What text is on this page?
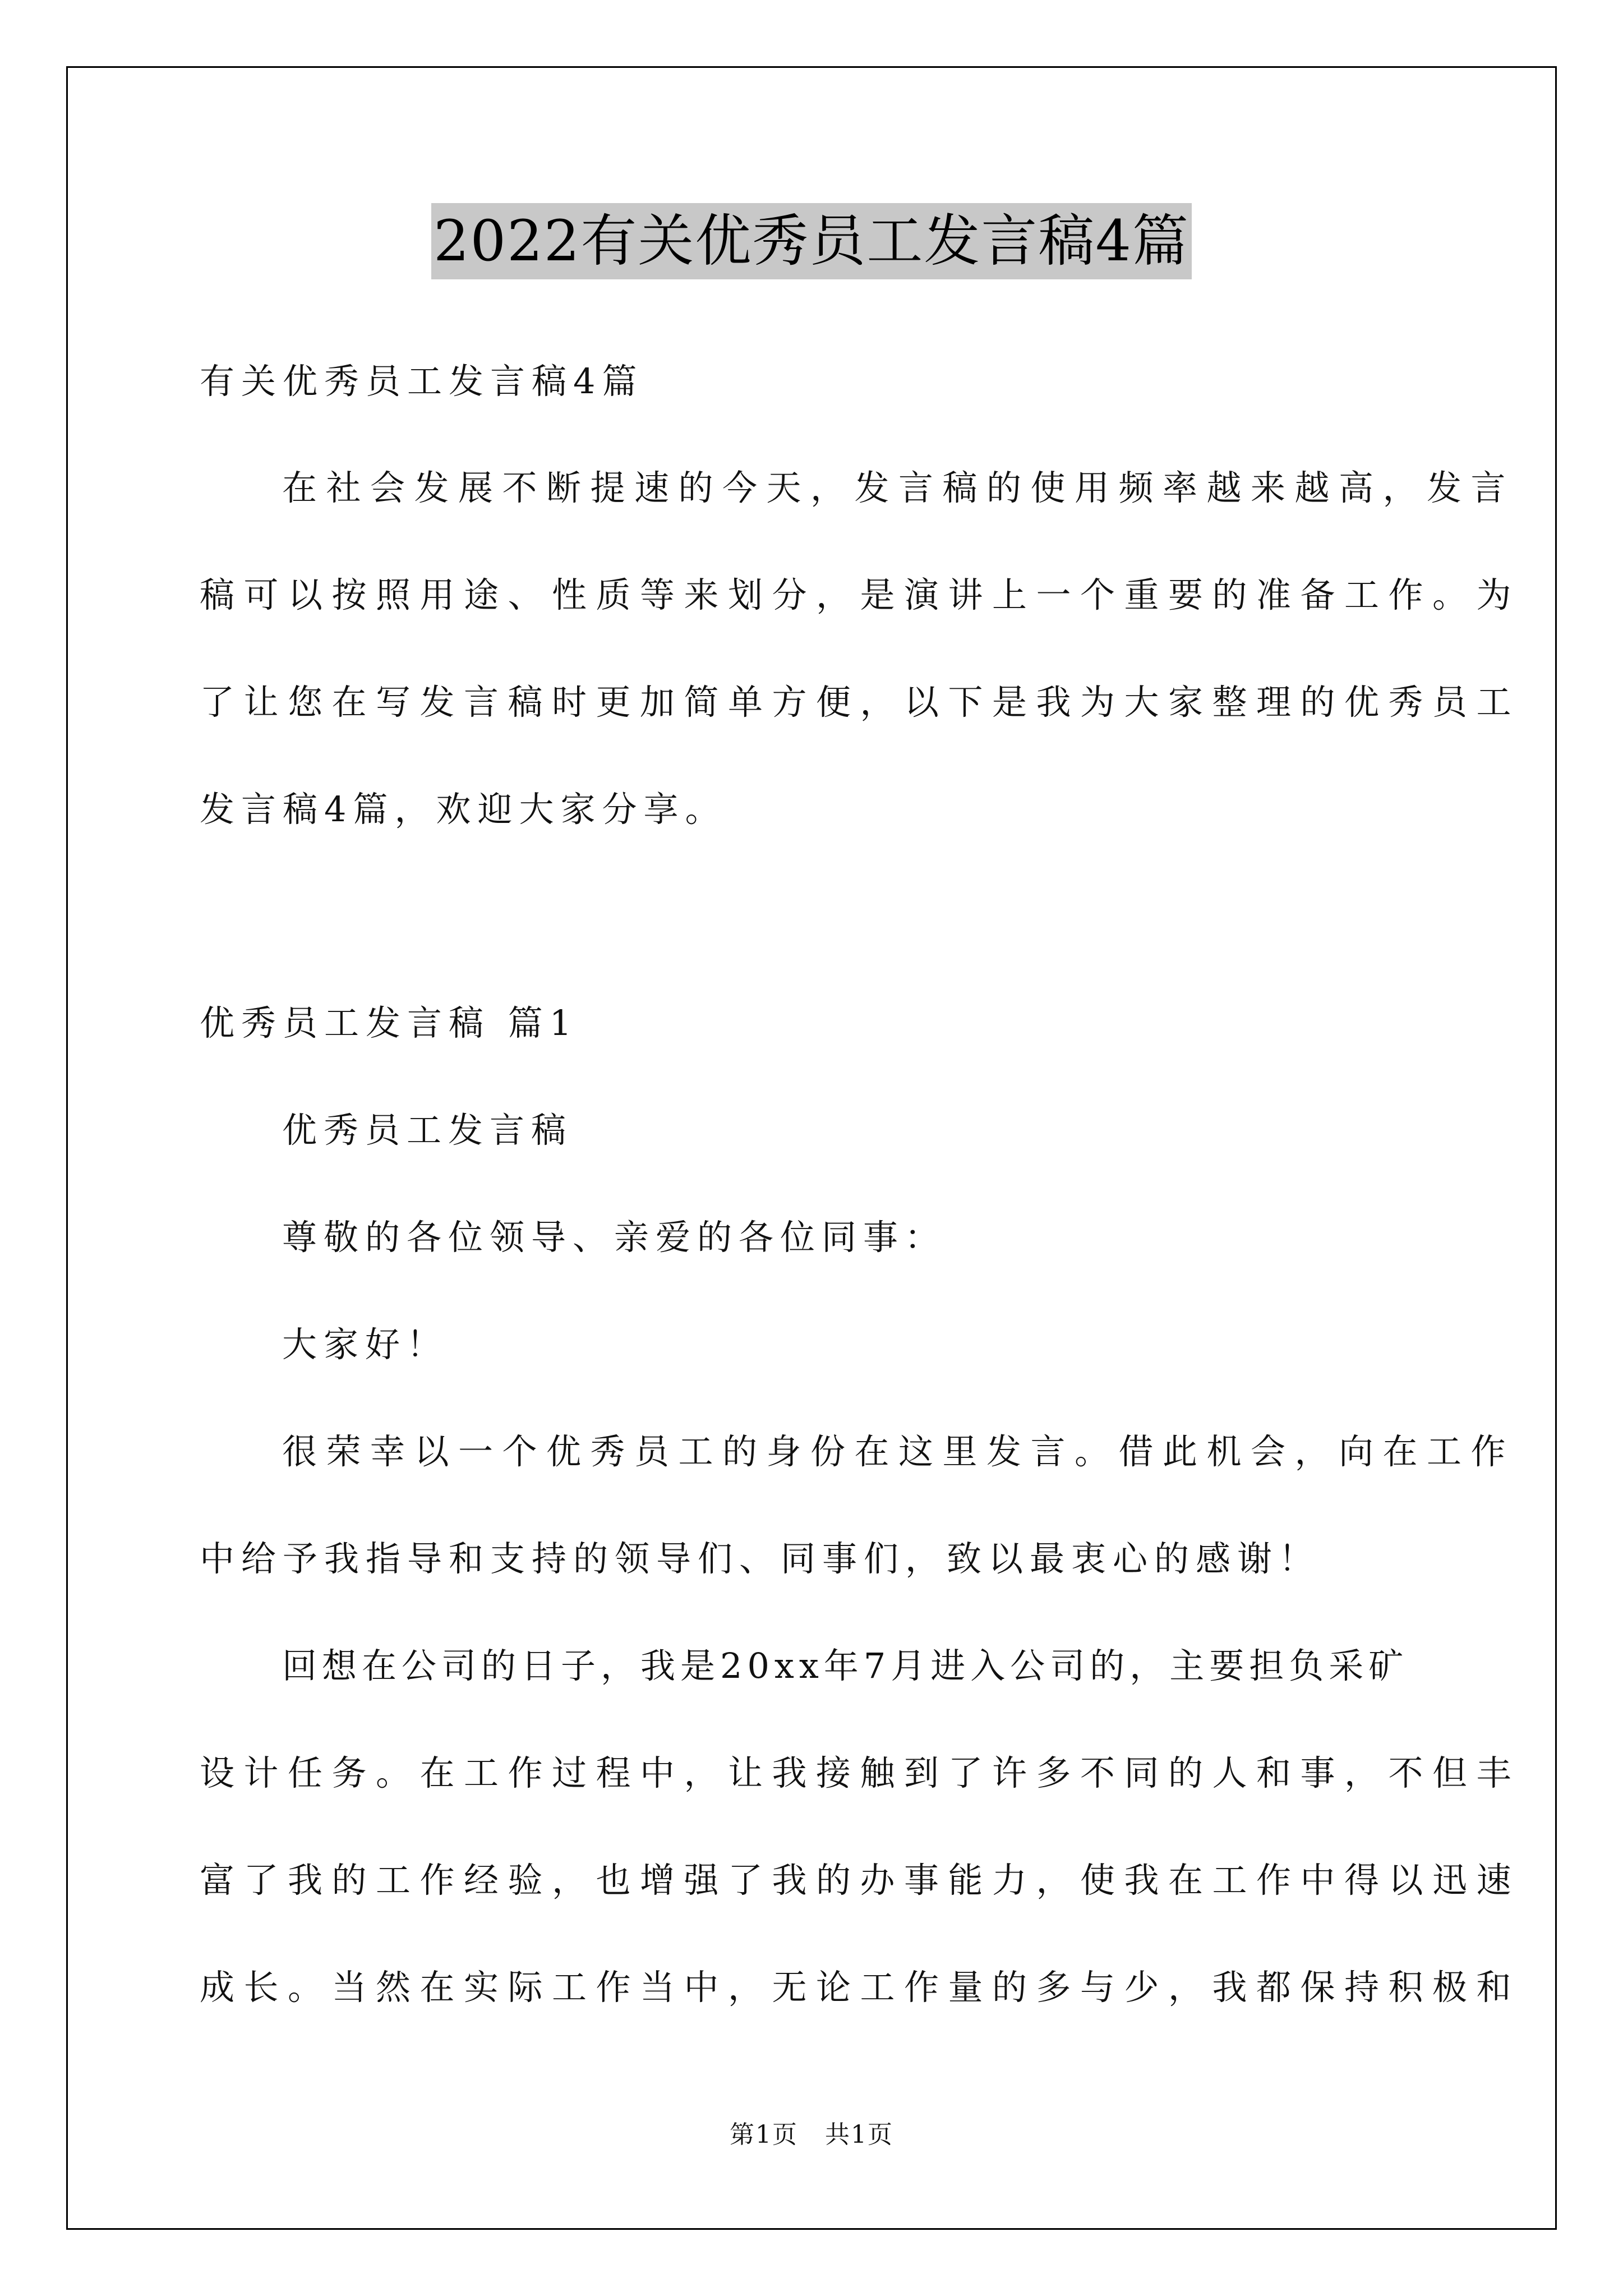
2022有关优秀员工发言稿4篇
有关优秀员工发言稿4篇
在社会发展不断提速的今天，发言稿的使用频率越来越高，发言
稿可以按照用途、性质等来划分，是演讲上一个重要的准备工作。为
了让您在写发言稿时更加简单方便，以下是我为大家整理的优秀员工
发言稿4篇，欢迎大家分享。
优秀员工发言稿 篇1
优秀员工发言稿
尊敬的各位领导、亲爱的各位同事：
大家好！
很荣幸以一个优秀员工的身份在这里发言。借此机会，向在工作
中给予我指导和支持的领导们、同事们，致以最衷心的感谢！
回想在公司的日子，我是20xx年7月进入公司的，主要担负采矿
设计任务。在工作过程中，让我接触到了许多不同的人和事，不但丰
富了我的工作经验，也增强了我的办事能力，使我在工作中得以迅速
成长。当然在实际工作当中，无论工作量的多与少，我都保持积极和
第1页 共1页
